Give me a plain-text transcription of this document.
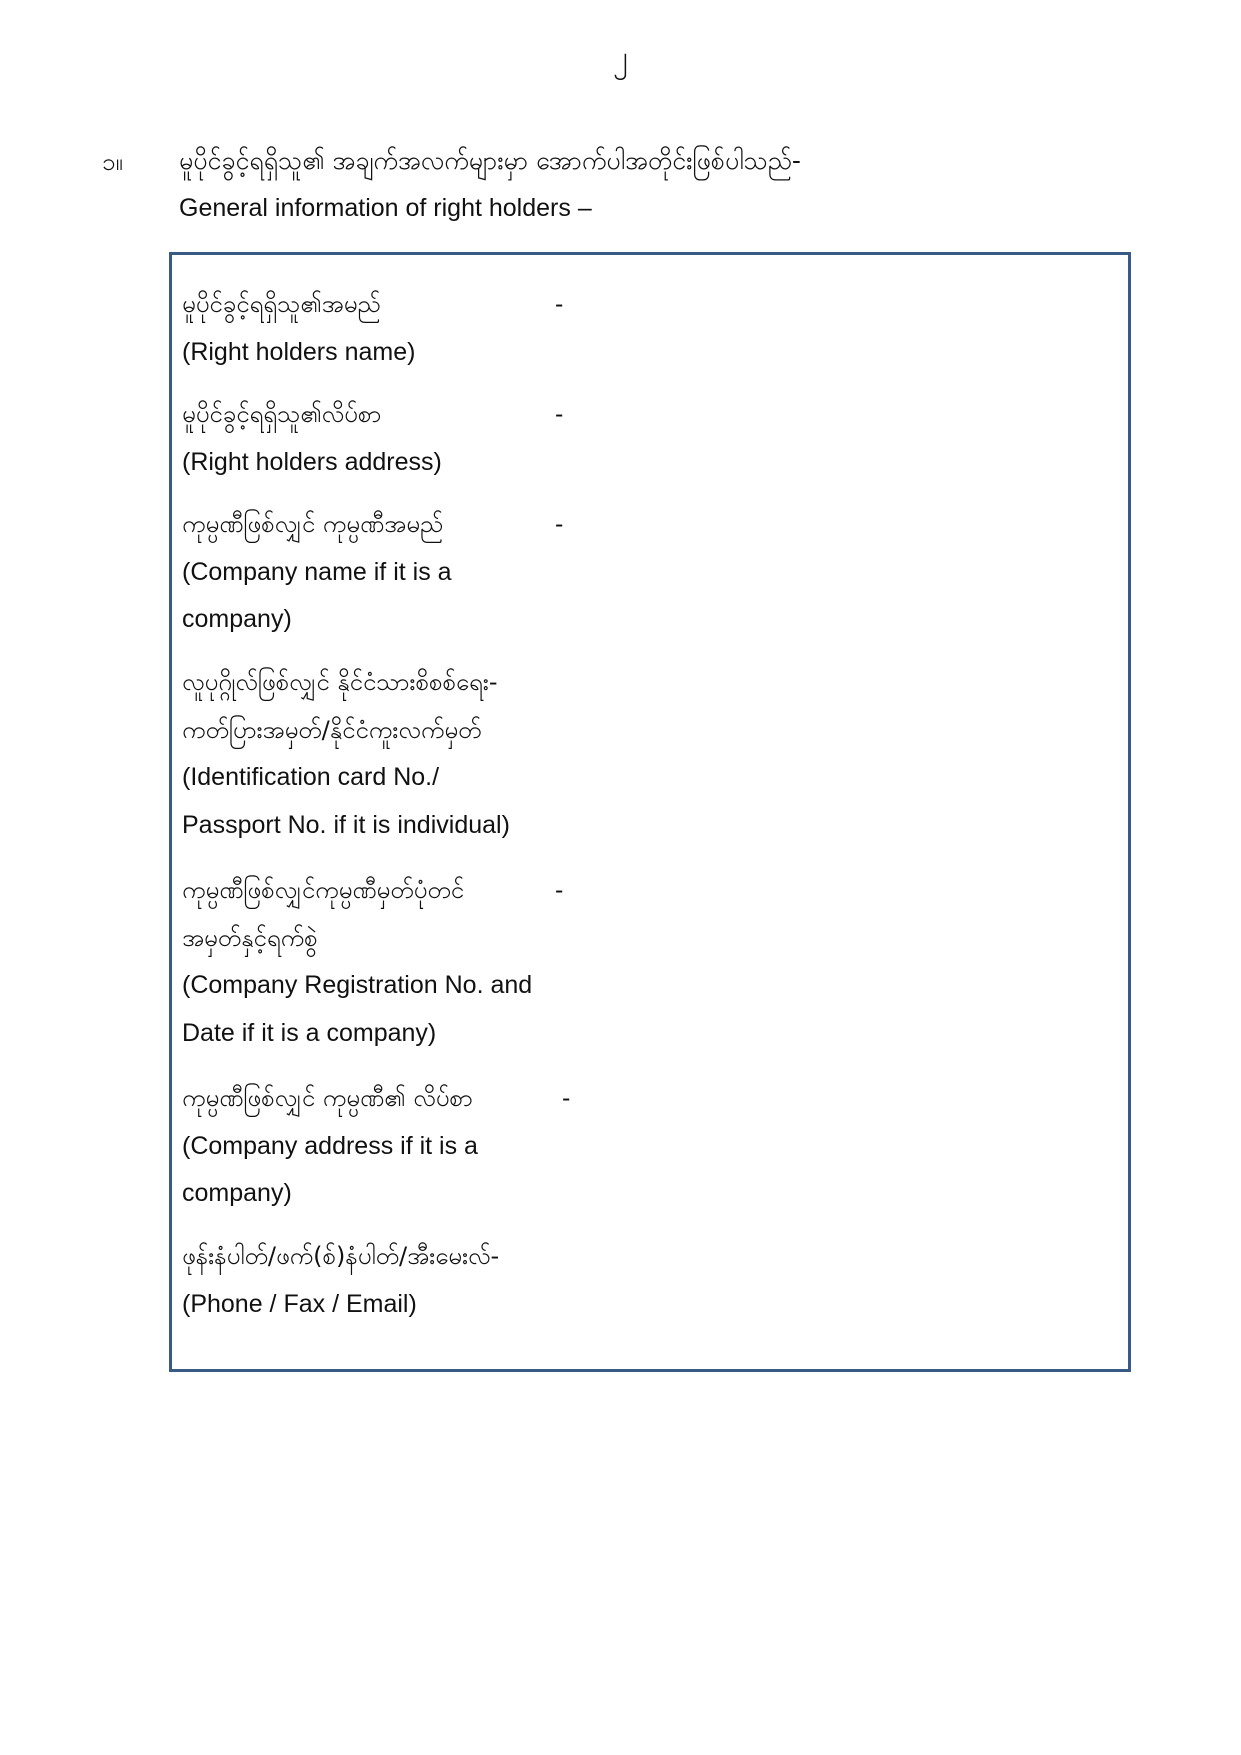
၂
၁။ မူပိုင်ခွင့်ရရှိသူ၏ အချက်အလက်များမှာ အောက်ပါအတိုင်းဖြစ်ပါသည်-
General information of right holders –
မူပိုင်ခွင့်ရရှိသူ၏အမည်
(Right holders name)
-
မူပိုင်ခွင့်ရရှိသူ၏လိပ်စာ
(Right holders address)
-
ကုမ္ပဏီဖြစ်လျှင် ကုမ္ပဏီအမည်
(Company name if it is a
company)
-
လူပုဂ္ဂိုလ်ဖြစ်လျှင် နိုင်ငံသားစိစစ်ရေး-
ကတ်ပြားအမှတ်/နိုင်ငံကူးလက်မှတ်
(Identification card No./
Passport No. if it is individual)
ကုမ္ပဏီဖြစ်လျှင်ကုမ္ပဏီမှတ်ပုံတင်
အမှတ်နှင့်ရက်စွဲ
(Company Registration No. and
Date if it is a company)
-
ကုမ္ပဏီဖြစ်လျှင် ကုမ္ပဏီ၏ လိပ်စာ
(Company address if it is a
company)
-
ဖုန်းနံပါတ်/ဖက်(စ်)နံပါတ်/အီးမေးလ်-
(Phone / Fax / Email)
